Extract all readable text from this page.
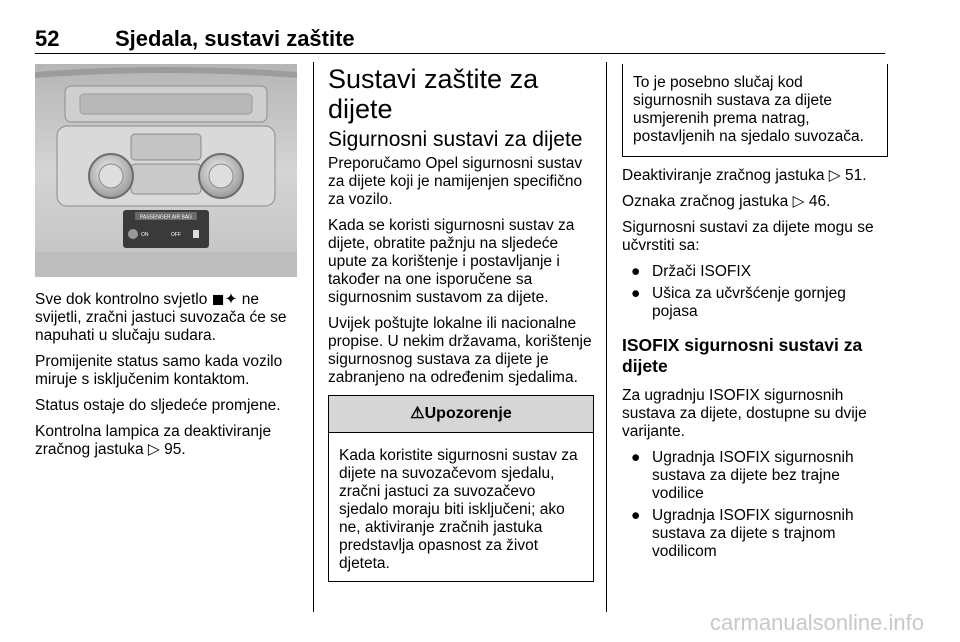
52	Sjedala, sustavi zaštite
PASSENGER AIR BAG
ON	OFF

Sve dok kontrolno svjetlo ◼✦ ne svijetli, zračni jastuci suvozača će se napuhati u slučaju sudara.

Promijenite status samo kada vozilo miruje s isključenim kontaktom.

Status ostaje do sljedeće promjene.

Kontrolna lampica za deaktiviranje zračnog jastuka ▷ 95.

Sustavi zaštite za dijete
Sigurnosni sustavi za dijete

Preporučamo Opel sigurnosni sustav za dijete koji je namijenjen specifično za vozilo.

Kada se koristi sigurnosni sustav za dijete, obratite pažnju na sljedeće upute za korištenje i postavljanje i također na one isporučene sa sigurnosnim sustavom za dijete.

Uvijek poštujte lokalne ili nacionalne propise. U nekim državama, korištenje sigurnosnog sustava za dijete je zabranjeno na određenim sjedalima.

⚠Upozorenje
Kada koristite sigurnosni sustav za dijete na suvozačevom sjedalu, zračni jastuci za suvozačevo sjedalo moraju biti isključeni; ako ne, aktiviranje zračnih jastuka predstavlja opasnost za život djeteta.
To je posebno slučaj kod sigurnosnih sustava za dijete usmjerenih prema natrag, postavljenih na sjedalo suvozača.

Deaktiviranje zračnog jastuka ▷ 51.

Oznaka zračnog jastuka ▷ 46.

Sigurnosni sustavi za dijete mogu se učvrstiti sa:

● Držači ISOFIX
● Ušica za učvršćenje gornjeg pojasa
ISOFIX sigurnosni sustavi za dijete

Za ugradnju ISOFIX sigurnosnih sustava za dijete, dostupne su dvije varijante.

● Ugradnja ISOFIX sigurnosnih sustava za dijete bez trajne vodilice
● Ugradnja ISOFIX sigurnosnih sustava za dijete s trajnom vodilicom
carmanualsonline.info
